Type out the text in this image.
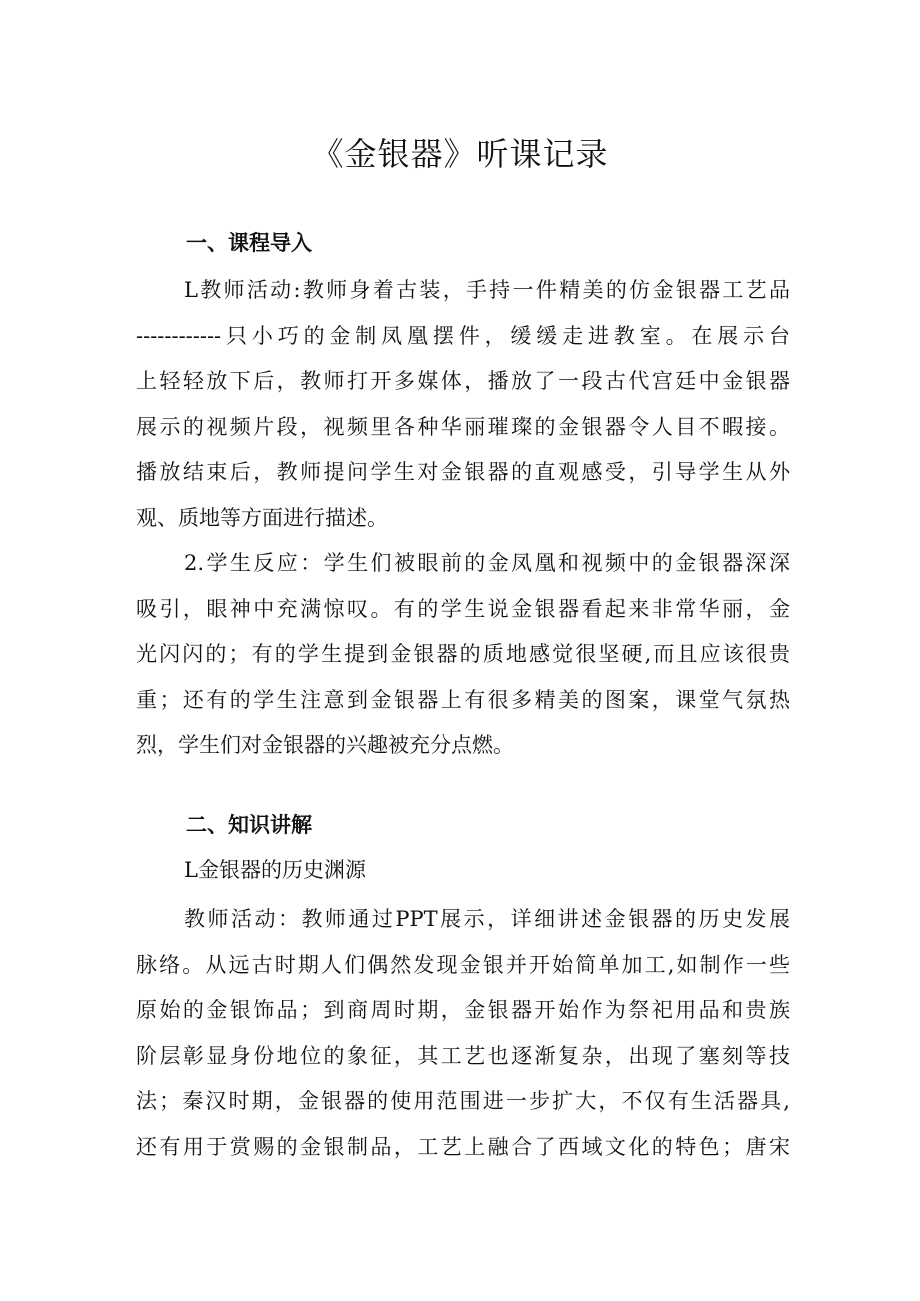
《金银器》听课记录
一、课程导入
L教师活动:教师身着古装，手持一件精美的仿金银器工艺品
------------只小巧的金制凤凰摆件，缓缓走进教室。在展示台
上轻轻放下后，教师打开多媒体，播放了一段古代宫廷中金银器
展示的视频片段，视频里各种华丽璀璨的金银器令人目不暇接。
播放结束后，教师提问学生对金银器的直观感受，引导学生从外
观、质地等方面进行描述。
2.学生反应：学生们被眼前的金凤凰和视频中的金银器深深
吸引，眼神中充满惊叹。有的学生说金银器看起来非常华丽，金
光闪闪的；有的学生提到金银器的质地感觉很坚硬,而且应该很贵
重；还有的学生注意到金银器上有很多精美的图案，课堂气氛热
烈，学生们对金银器的兴趣被充分点燃。
二、知识讲解
L金银器的历史渊源
教师活动：教师通过PPT展示，详细讲述金银器的历史发展
脉络。从远古时期人们偶然发现金银并开始简单加工,如制作一些
原始的金银饰品；到商周时期，金银器开始作为祭祀用品和贵族
阶层彰显身份地位的象征，其工艺也逐渐复杂，出现了塞刻等技
法；秦汉时期，金银器的使用范围进一步扩大，不仅有生活器具,
还有用于赏赐的金银制品，工艺上融合了西域文化的特色；唐宋
